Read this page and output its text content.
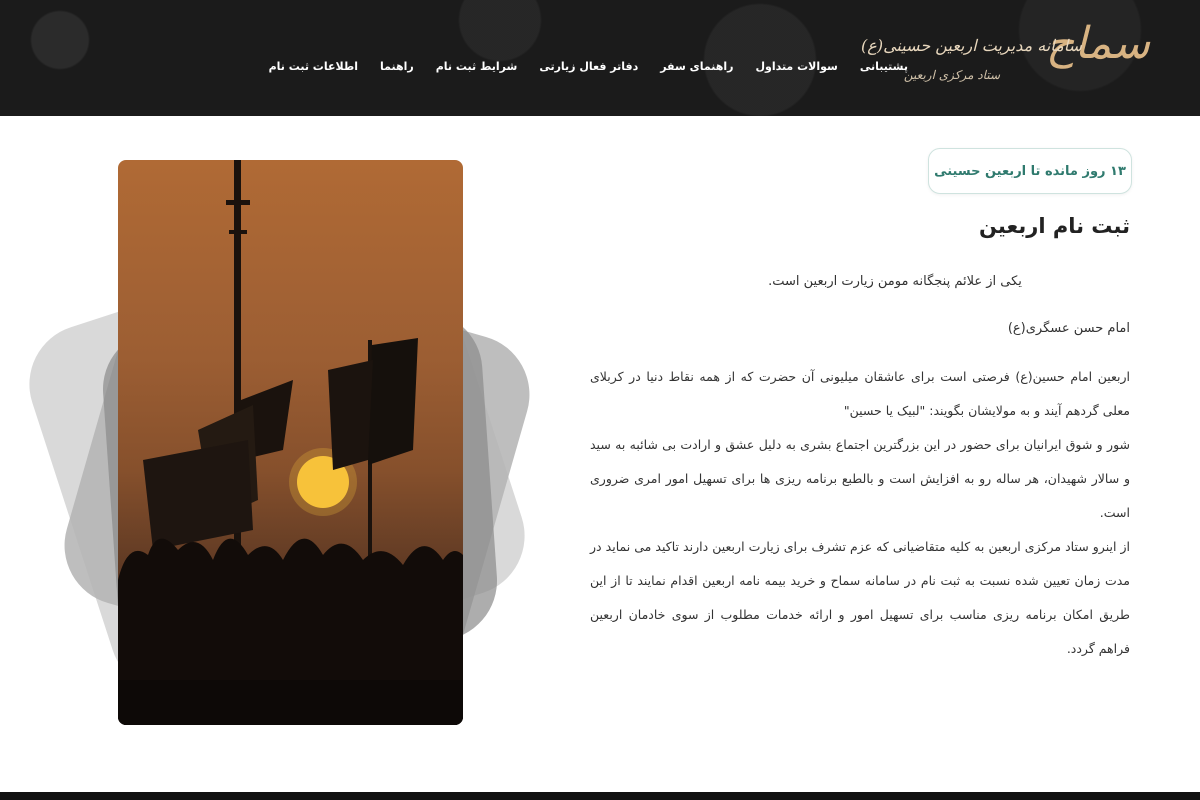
سماح
سامانه مدیریت اربعین حسینی(ع)
ستاد مرکزی اربعین
اطلاعات ثبت نام راهنما شرایط ثبت نام دفاتر فعال زیارتی راهنمای سفر سوالات متداول پشتیبانی
۱۳ روز مانده تا اربعین حسینی
ثبت نام اربعین

یکی از علائم پنجگانه مومن زیارت اربعین است.

امام حسن عسگری(ع)

اربعین امام حسین(ع) فرصتی است برای عاشقان میلیونی آن حضرت که از همه نقاط دنیا در کربلای معلی گردهم آیند و به مولایشان بگویند: "لبیک یا حسین"
شور و شوق ایرانیان برای حضور در این بزرگترین اجتماع بشری به دلیل عشق و ارادت بی شائبه به سید و سالار شهیدان، هر ساله رو به افزایش است و بالطبع برنامه ریزی ها برای تسهیل امور امری ضروری است.
از اینرو ستاد مرکزی اربعین به کلیه متقاضیانی که عزم تشرف برای زیارت اربعین دارند تاکید می نماید در مدت زمان تعیین شده نسبت به ثبت نام در سامانه سماح و خرید بیمه نامه اربعین اقدام نمایند تا از این طریق امکان برنامه ریزی مناسب برای تسهیل امور و ارائه خدمات مطلوب از سوی خادمان اربعین فراهم گردد.
